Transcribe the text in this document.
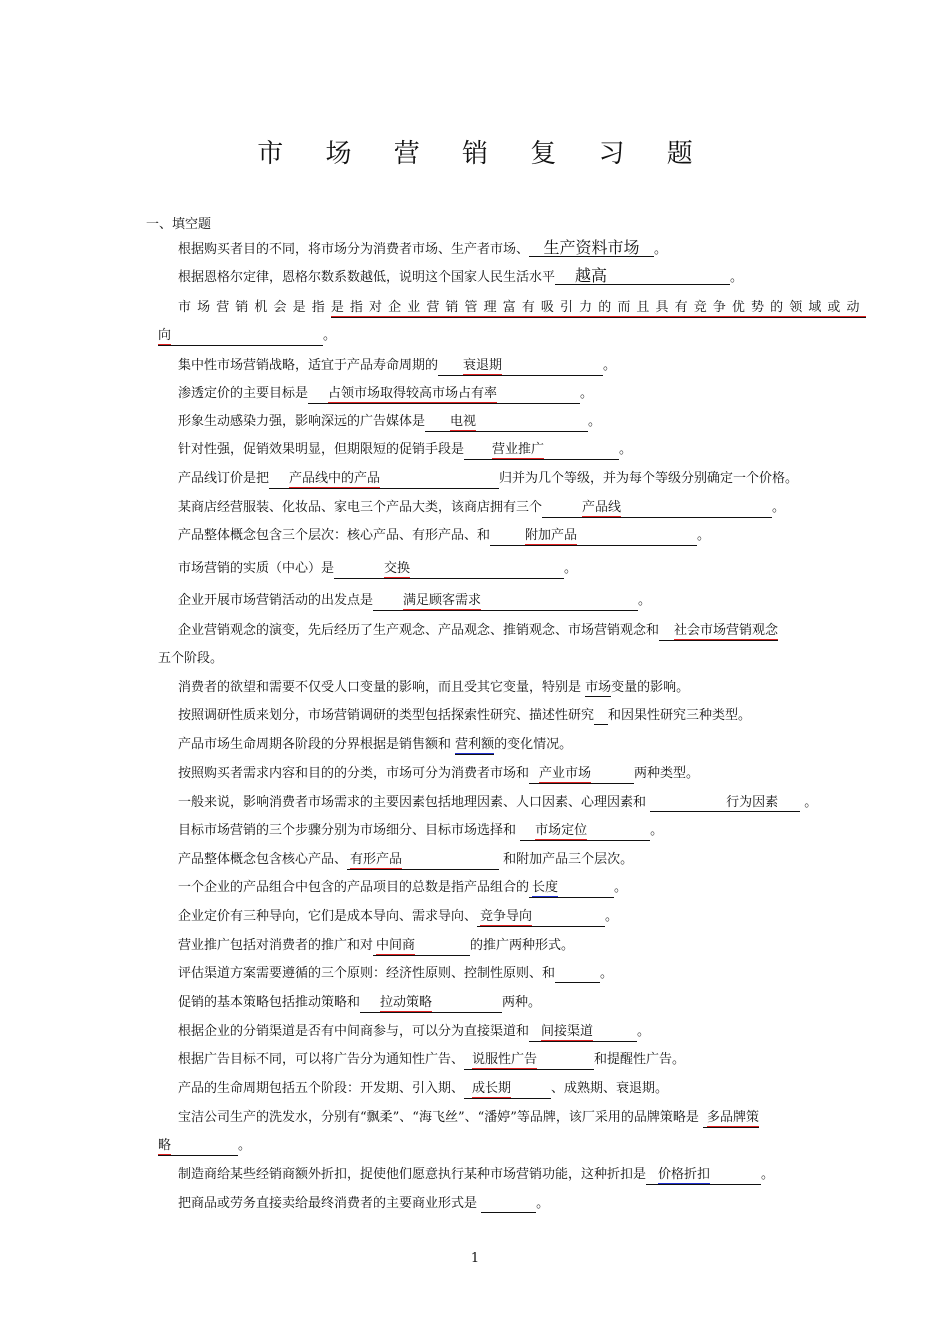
市 场 营 销 复 习 题
一、填空题
根据购买者目的不同，将市场分为消费者市场、生产者市场、 生产资料市场 。
根据恩格尔定律，恩格尔数系数越低，说明这个国家人民生活水平 越高	。
市场营销机会是指是指对企业营销管理富有吸引力的而且具有竞争优势的领域或动
向	。
集中性市场营销战略，适宜于产品寿命周期的 衰退期	。
渗透定价的主要目标是 占领市场取得较高市场占有率	。
形象生动感染力强，影响深远的广告媒体是 电视	。
针对性强，促销效果明显，但期限短的促销手段是 营业推广	。
产品线订价是把 产品线中的产品	归并为几个等级，并为每个等级分别确定一个价格。
某商店经营服装、化妆品、家电三个产品大类，该商店拥有三个	产品线	。
产品整体概念包含三个层次：核心产品、有形产品、和	附加产品	。
市场营销的实质（中心）是	交换	。
企业开展市场营销活动的出发点是 满足顾客需求	。
企业营销观念的演变，先后经历了生产观念、产品观念、推销观念、市场营销观念和 社会市场营销观念
五个阶段。
消费者的欲望和需要不仅受人口变量的影响，而且受其它变量，特别是 市场变量的影响。
按照调研性质来划分，市场营销调研的类型包括探索性研究、描述性研究 和因果性研究三种类型。
产品市场生命周期各阶段的分界根据是销售额和 营利额的变化情况。
按照购买者需求内容和目的的分类，市场可分为消费者市场和 产业市场	两种类型。
一般来说，影响消费者市场需求的主要因素包括地理因素、人口因素、心理因素和	行为因素 。
目标市场营销的三个步骤分别为市场细分、目标市场选择和 市场定位	。
产品整体概念包含核心产品、 有形产品	和附加产品三个层次。
一个企业的产品组合中包含的产品项目的总数是指产品组合的 长度	。
企业定价有三种导向，它们是成本导向、需求导向、 竞争导向	。
营业推广包括对消费者的推广和对 中间商	的推广两种形式。
评估渠道方案需要遵循的三个原则：经济性原则、控制性原则、和	。
促销的基本策略包括推动策略和 拉动策略	两种。
根据企业的分销渠道是否有中间商参与，可以分为直接渠道和 间接渠道	。
根据广告目标不同，可以将广告分为通知性广告、 说服性广告	和提醒性广告。
产品的生命周期包括五个阶段：开发期、引入期、 成长期	、成熟期、衰退期。
宝洁公司生产的洗发水，分别有“飘柔”、“海飞丝”、“潘婷”等品牌，该厂采用的品牌策略是 多品牌策
略	。
制造商给某些经销商额外折扣，捉使他们愿意执行某种市场营销功能，这种折扣是 价格折扣	。
把商品或劳务直接卖给最终消费者的主要商业形式是	。
1
